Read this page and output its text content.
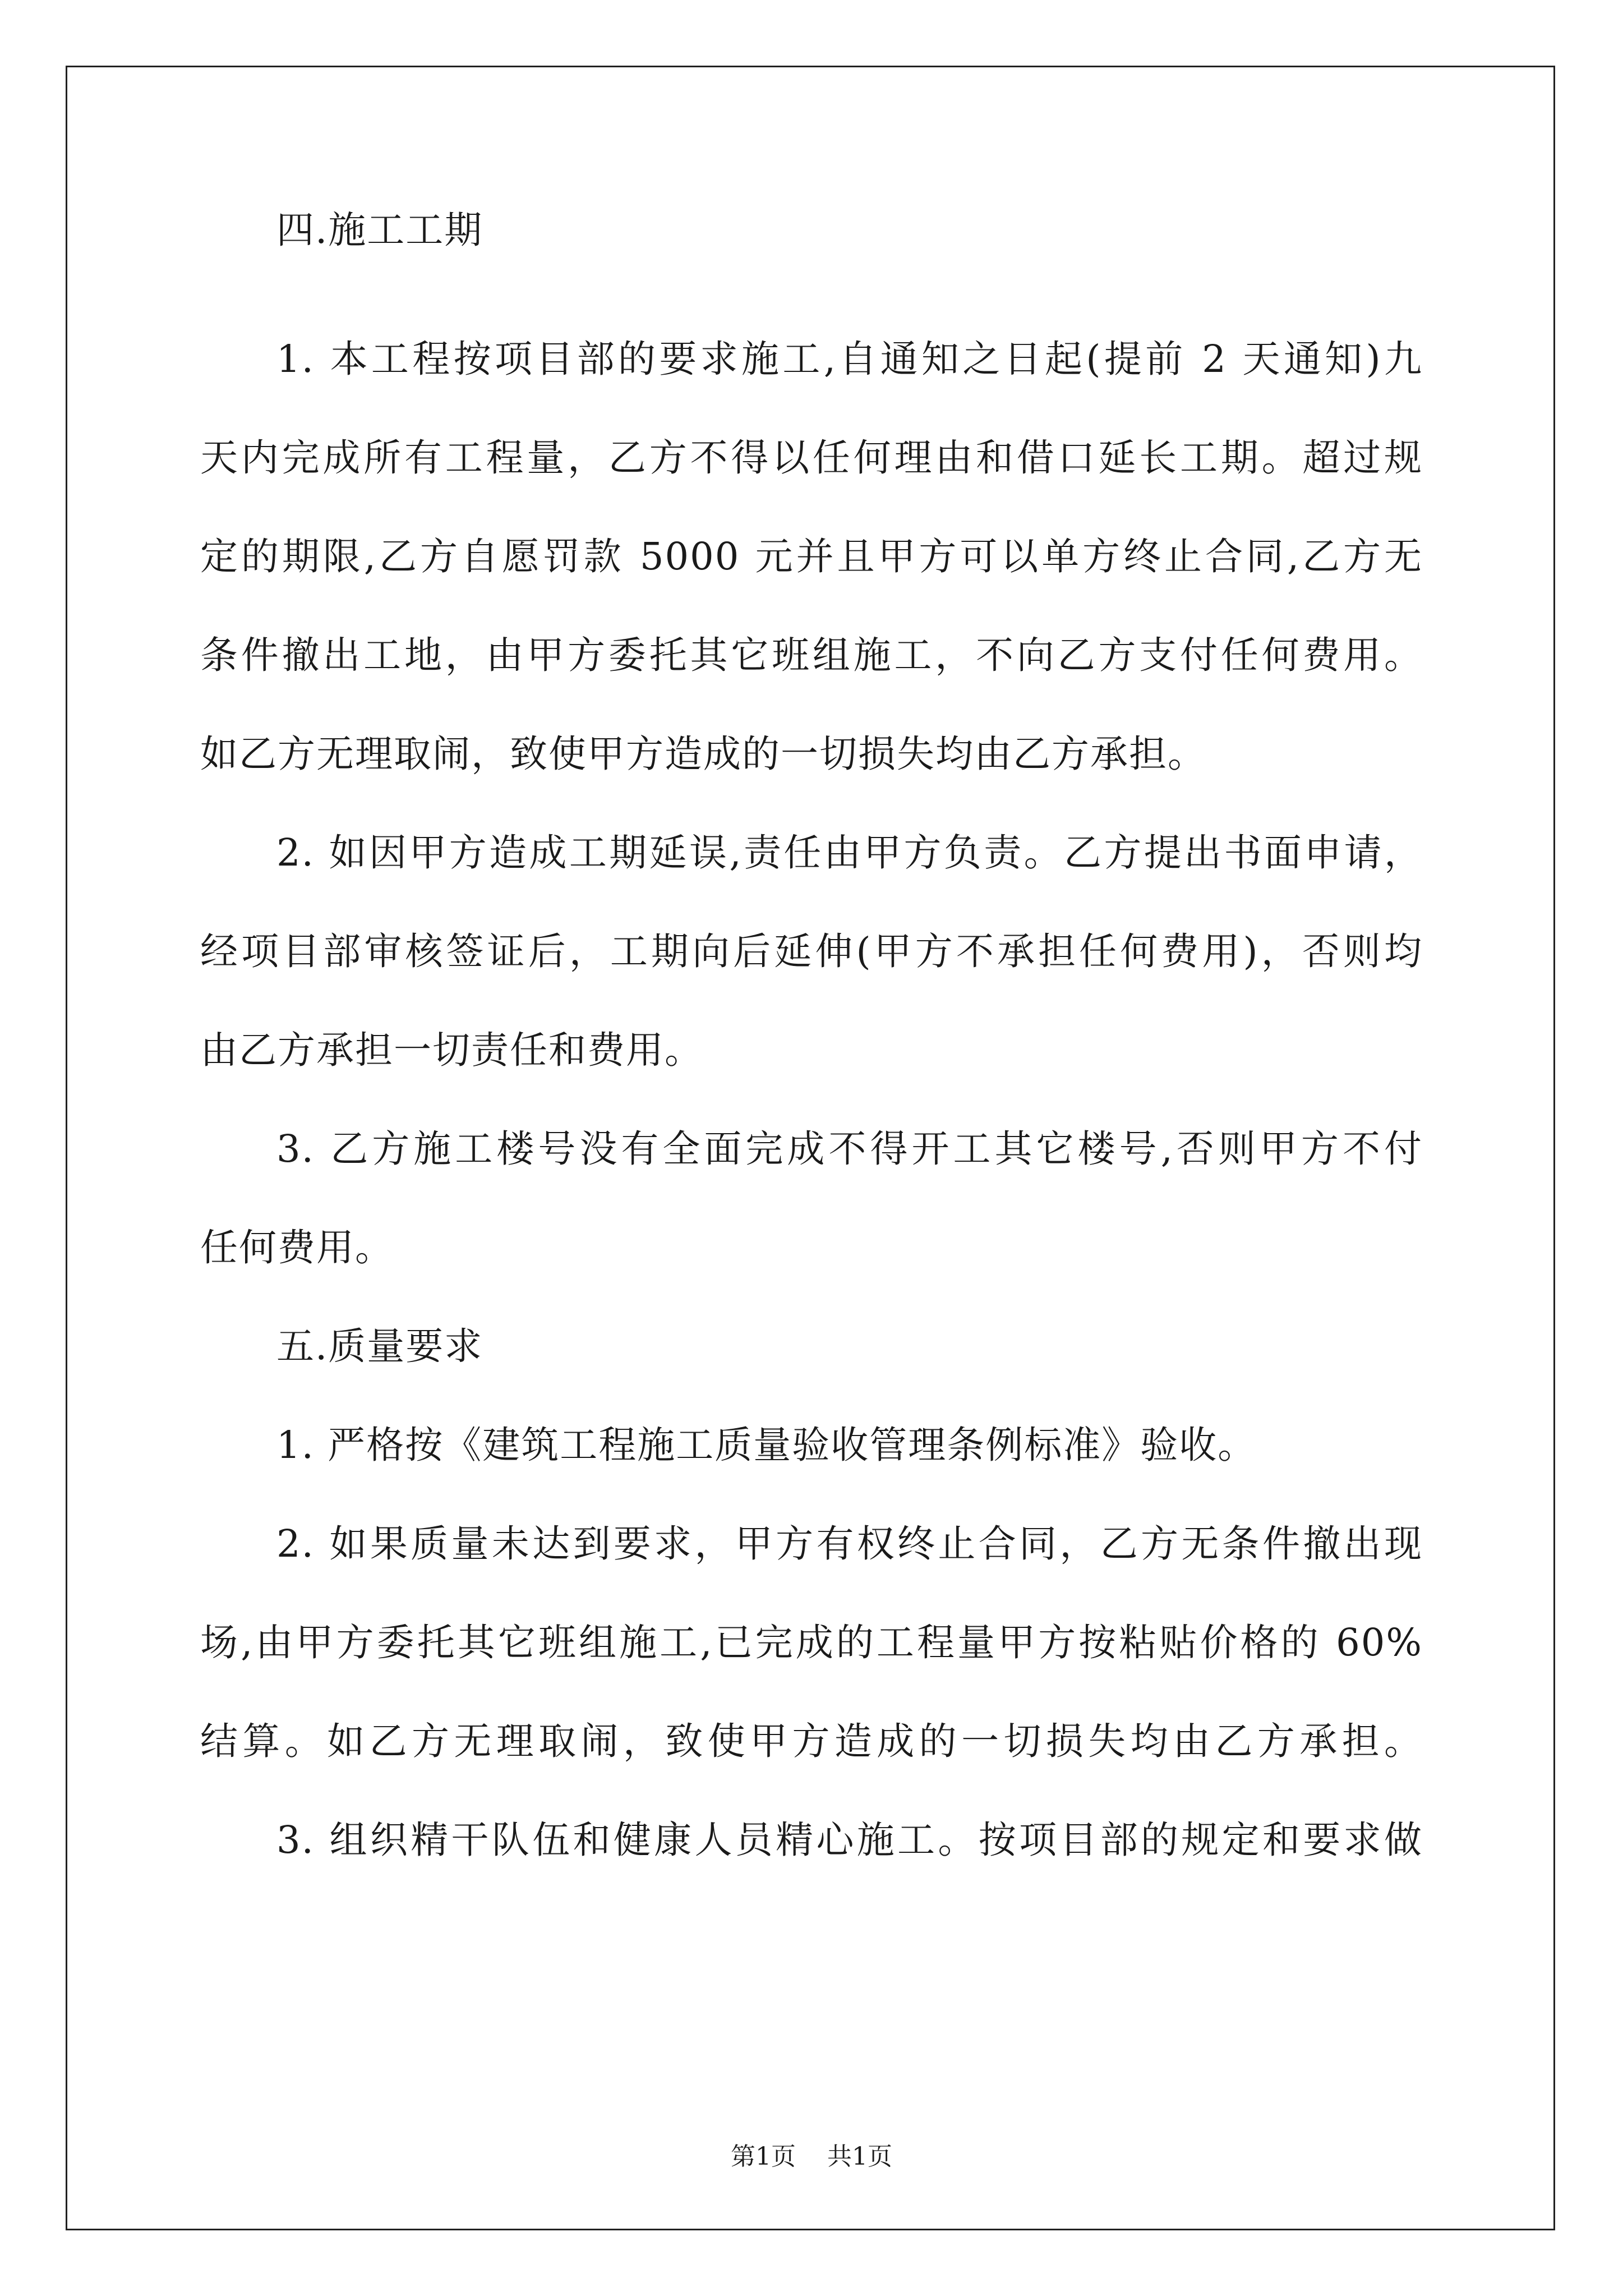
四.施工工期
1. 本工程按项目部的要求施工,自通知之日起(提前 2 天通知)九
天内完成所有工程量，乙方不得以任何理由和借口延长工期。超过规
定的期限,乙方自愿罚款 5000 元并且甲方可以单方终止合同,乙方无
条件撤出工地，由甲方委托其它班组施工，不向乙方支付任何费用。
如乙方无理取闹，致使甲方造成的一切损失均由乙方承担。
2. 如因甲方造成工期延误,责任由甲方负责。乙方提出书面申请，
经项目部审核签证后，工期向后延伸(甲方不承担任何费用)，否则均
由乙方承担一切责任和费用。
3. 乙方施工楼号没有全面完成不得开工其它楼号,否则甲方不付
任何费用。
五.质量要求
1. 严格按《建筑工程施工质量验收管理条例标准》验收。
2. 如果质量未达到要求，甲方有权终止合同，乙方无条件撤出现
场,由甲方委托其它班组施工,已完成的工程量甲方按粘贴价格的 60%
结算。如乙方无理取闹，致使甲方造成的一切损失均由乙方承担。
3. 组织精干队伍和健康人员精心施工。按项目部的规定和要求做
第1页 共1页
